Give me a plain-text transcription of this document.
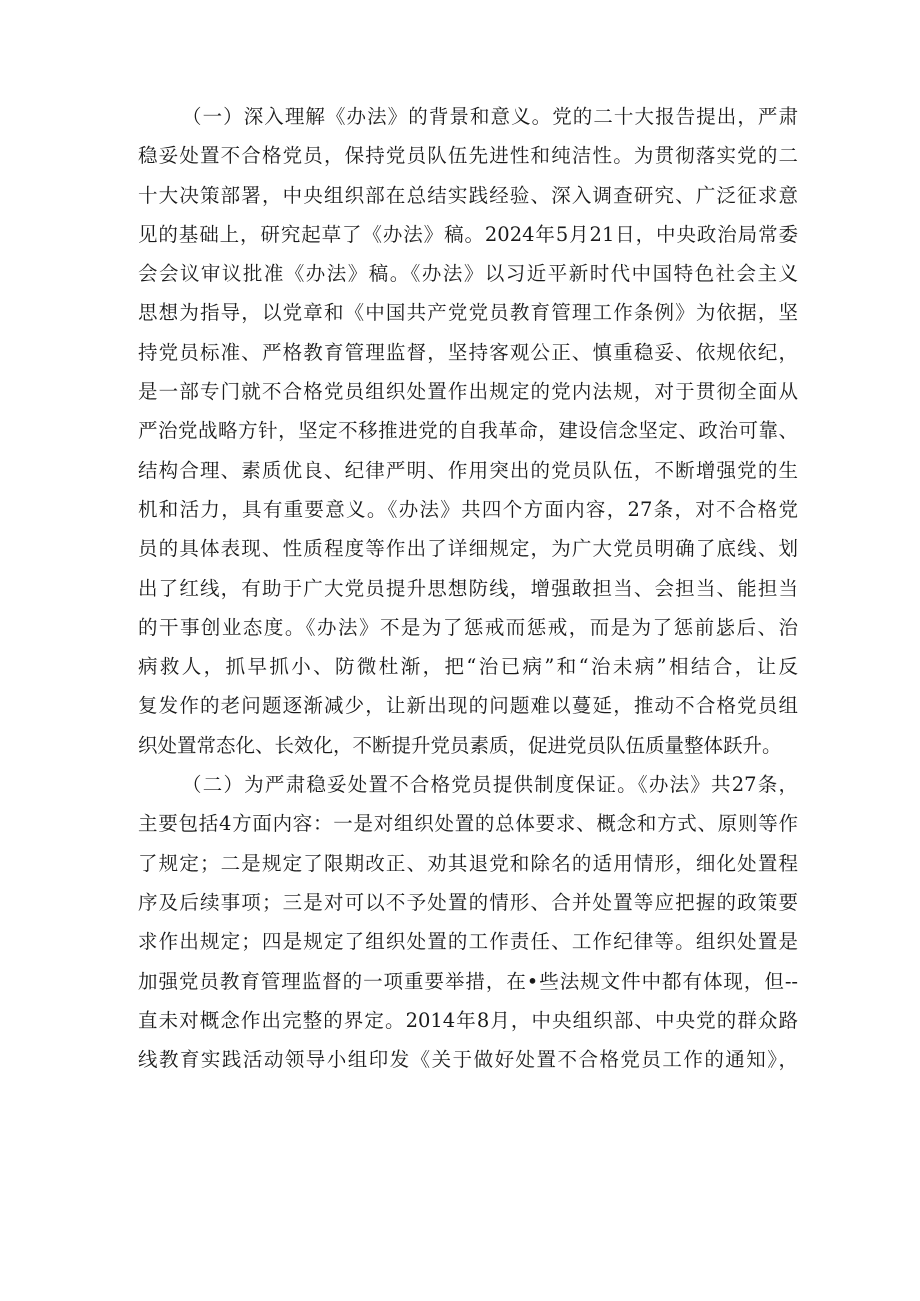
（一）深入理解《办法》的背景和意义。党的二十大报告提出，严肃
稳妥处置不合格党员，保持党员队伍先进性和纯洁性。为贯彻落实党的二
十大决策部署，中央组织部在总结实践经验、深入调查研究、广泛征求意
见的基础上，研究起草了《办法》稿。2024年5月21日，中央政治局常委
会会议审议批准《办法》稿。《办法》以习近平新时代中国特色社会主义
思想为指导，以党章和《中国共产党党员教育管理工作条例》为依据，坚
持党员标准、严格教育管理监督，坚持客观公正、慎重稳妥、依规依纪，
是一部专门就不合格党员组织处置作出规定的党内法规，对于贯彻全面从
严治党战略方针，坚定不移推进党的自我革命，建设信念坚定、政治可靠、
结构合理、素质优良、纪律严明、作用突出的党员队伍，不断增强党的生
机和活力，具有重要意义。《办法》共四个方面内容，27条，对不合格党
员的具体表现、性质程度等作出了详细规定，为广大党员明确了底线、划
出了红线，有助于广大党员提升思想防线，增强敢担当、会担当、能担当
的干事创业态度。《办法》不是为了惩戒而惩戒，而是为了惩前毖后、治
病救人，抓早抓小、防微杜渐，把“治已病”和“治未病”相结合，让反
复发作的老问题逐渐减少，让新出现的问题难以蔓延，推动不合格党员组
织处置常态化、长效化，不断提升党员素质，促进党员队伍质量整体跃升。
（二）为严肃稳妥处置不合格党员提供制度保证。《办法》共27条，
主要包括4方面内容：一是对组织处置的总体要求、概念和方式、原则等作
了规定；二是规定了限期改正、劝其退党和除名的适用情形，细化处置程
序及后续事项；三是对可以不予处置的情形、合并处置等应把握的政策要
求作出规定；四是规定了组织处置的工作责任、工作纪律等。组织处置是
加强党员教育管理监督的一项重要举措，在•些法规文件中都有体现，但--
直未对概念作出完整的界定。2014年8月，中央组织部、中央党的群众路
线教育实践活动领导小组印发《关于做好处置不合格党员工作的通知》，
